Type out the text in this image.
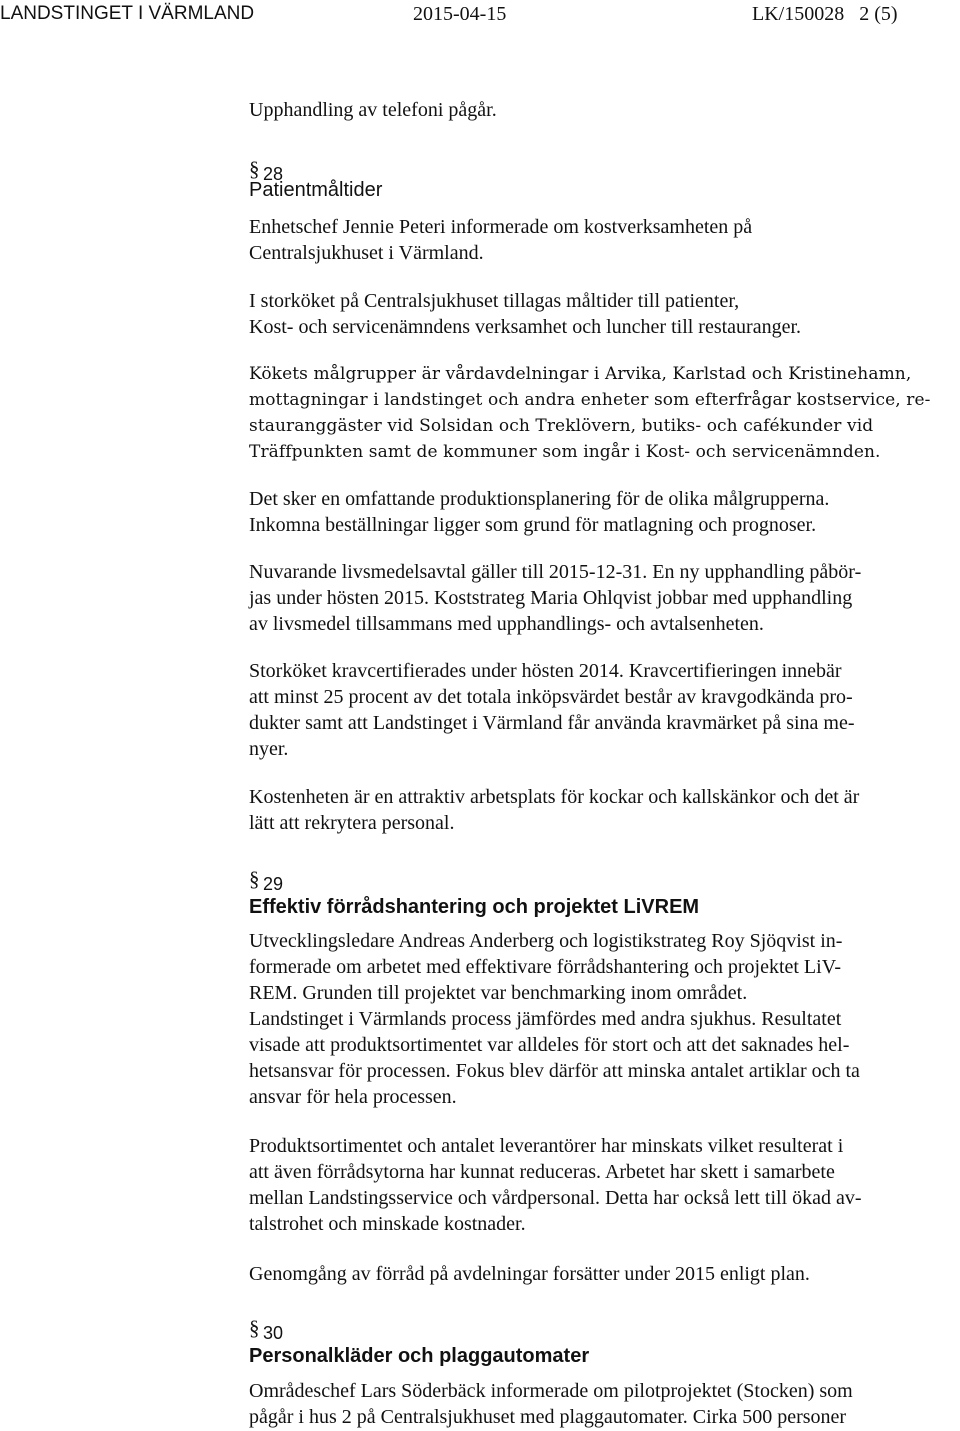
LANDSTINGET I VÄRMLAND	2015-04-15	LK/150028   2 (5)

Upphandling av telefoni pågår.

§ 28
Patientmåltider

Enhetschef Jennie Peteri informerade om kostverksamheten på
Centralsjukhuset i Värmland.

I storköket på Centralsjukhuset tillagas måltider till patienter,
Kost- och servicenämndens verksamhet och luncher till restauranger.

Kökets målgrupper är vårdavdelningar i Arvika, Karlstad och Kristinehamn,
mottagningar i landstinget och andra enheter som efterfrågar kostservice, re-
stauranggäster vid Solsidan och Treklövern, butiks- och cafékunder vid
Träffpunkten samt de kommuner som ingår i Kost- och servicenämnden.

Det sker en omfattande produktionsplanering för de olika målgrupperna.
Inkomna beställningar ligger som grund för matlagning och prognoser.

Nuvarande livsmedelsavtal gäller till 2015-12-31. En ny upphandling påbör-
jas under hösten 2015. Koststrateg Maria Ohlqvist jobbar med upphandling
av livsmedel tillsammans med upphandlings- och avtalsenheten.

Storköket kravcertifierades under hösten 2014. Kravcertifieringen innebär
att minst 25 procent av det totala inköpsvärdet består av kravgodkända pro-
dukter samt att Landstinget i Värmland får använda kravmärket på sina me-
nyer.

Kostenheten är en attraktiv arbetsplats för kockar och kallskänkor och det är
lätt att rekrytera personal.

§ 29
Effektiv förrådshantering och projektet LiVREM

Utvecklingsledare Andreas Anderberg och logistikstrateg Roy Sjöqvist in-
formerade om arbetet med effektivare förrådshantering och projektet LiV-
REM. Grunden till projektet var benchmarking inom området.
Landstinget i Värmlands process jämfördes med andra sjukhus. Resultatet
visade att produktsortimentet var alldeles för stort och att det saknades hel-
hetsansvar för processen. Fokus blev därför att minska antalet artiklar och ta
ansvar för hela processen.

Produktsortimentet och antalet leverantörer har minskats vilket resulterat i
att även förrådsytorna har kunnat reduceras. Arbetet har skett i samarbete
mellan Landstingsservice och vårdpersonal. Detta har också lett till ökad av-
talstrohet och minskade kostnader.

Genomgång av förråd på avdelningar forsätter under 2015 enligt plan.

§ 30
Personalkläder och plaggautomater

Områdeschef Lars Söderbäck informerade om pilotprojektet (Stocken) som
pågår i hus 2 på Centralsjukhuset med plaggautomater. Cirka 500 personer
